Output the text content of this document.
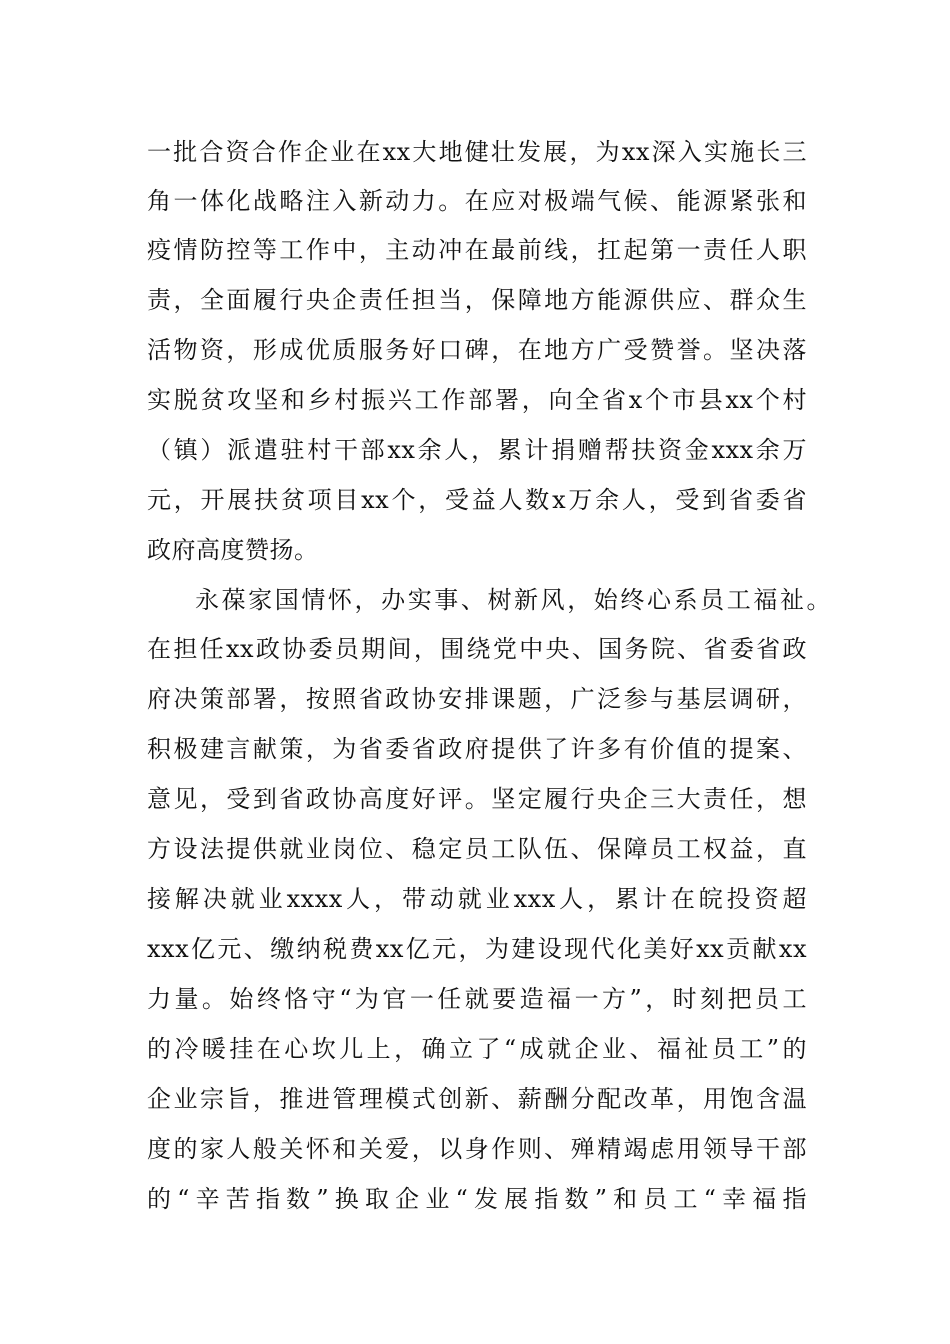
一批合资合作企业在xx大地健壮发展，为xx深入实施长三
角一体化战略注入新动力。在应对极端气候、能源紧张和
疫情防控等工作中，主动冲在最前线，扛起第一责任人职
责，全面履行央企责任担当，保障地方能源供应、群众生
活物资，形成优质服务好口碑，在地方广受赞誉。坚决落
实脱贫攻坚和乡村振兴工作部署，向全省x个市县xx个村
（镇）派遣驻村干部xx余人，累计捐赠帮扶资金xxx余万
元，开展扶贫项目xx个，受益人数x万余人，受到省委省
政府高度赞扬。
永葆家国情怀，办实事、树新风，始终心系员工福祉。
在担任xx政协委员期间，围绕党中央、国务院、省委省政
府决策部署，按照省政协安排课题，广泛参与基层调研，
积极建言献策，为省委省政府提供了许多有价值的提案、
意见，受到省政协高度好评。坚定履行央企三大责任，想
方设法提供就业岗位、稳定员工队伍、保障员工权益，直
接解决就业xxxx人，带动就业xxx人，累计在皖投资超
xxx亿元、缴纳税费xx亿元，为建设现代化美好xx贡献xx
力量。始终恪守“为官一任就要造福一方”，时刻把员工
的冷暖挂在心坎儿上，确立了“成就企业、福祉员工”的
企业宗旨，推进管理模式创新、薪酬分配改革，用饱含温
度的家人般关怀和关爱，以身作则、殚精竭虑用领导干部
的“辛苦指数”换取企业“发展指数”和员工“幸福指
